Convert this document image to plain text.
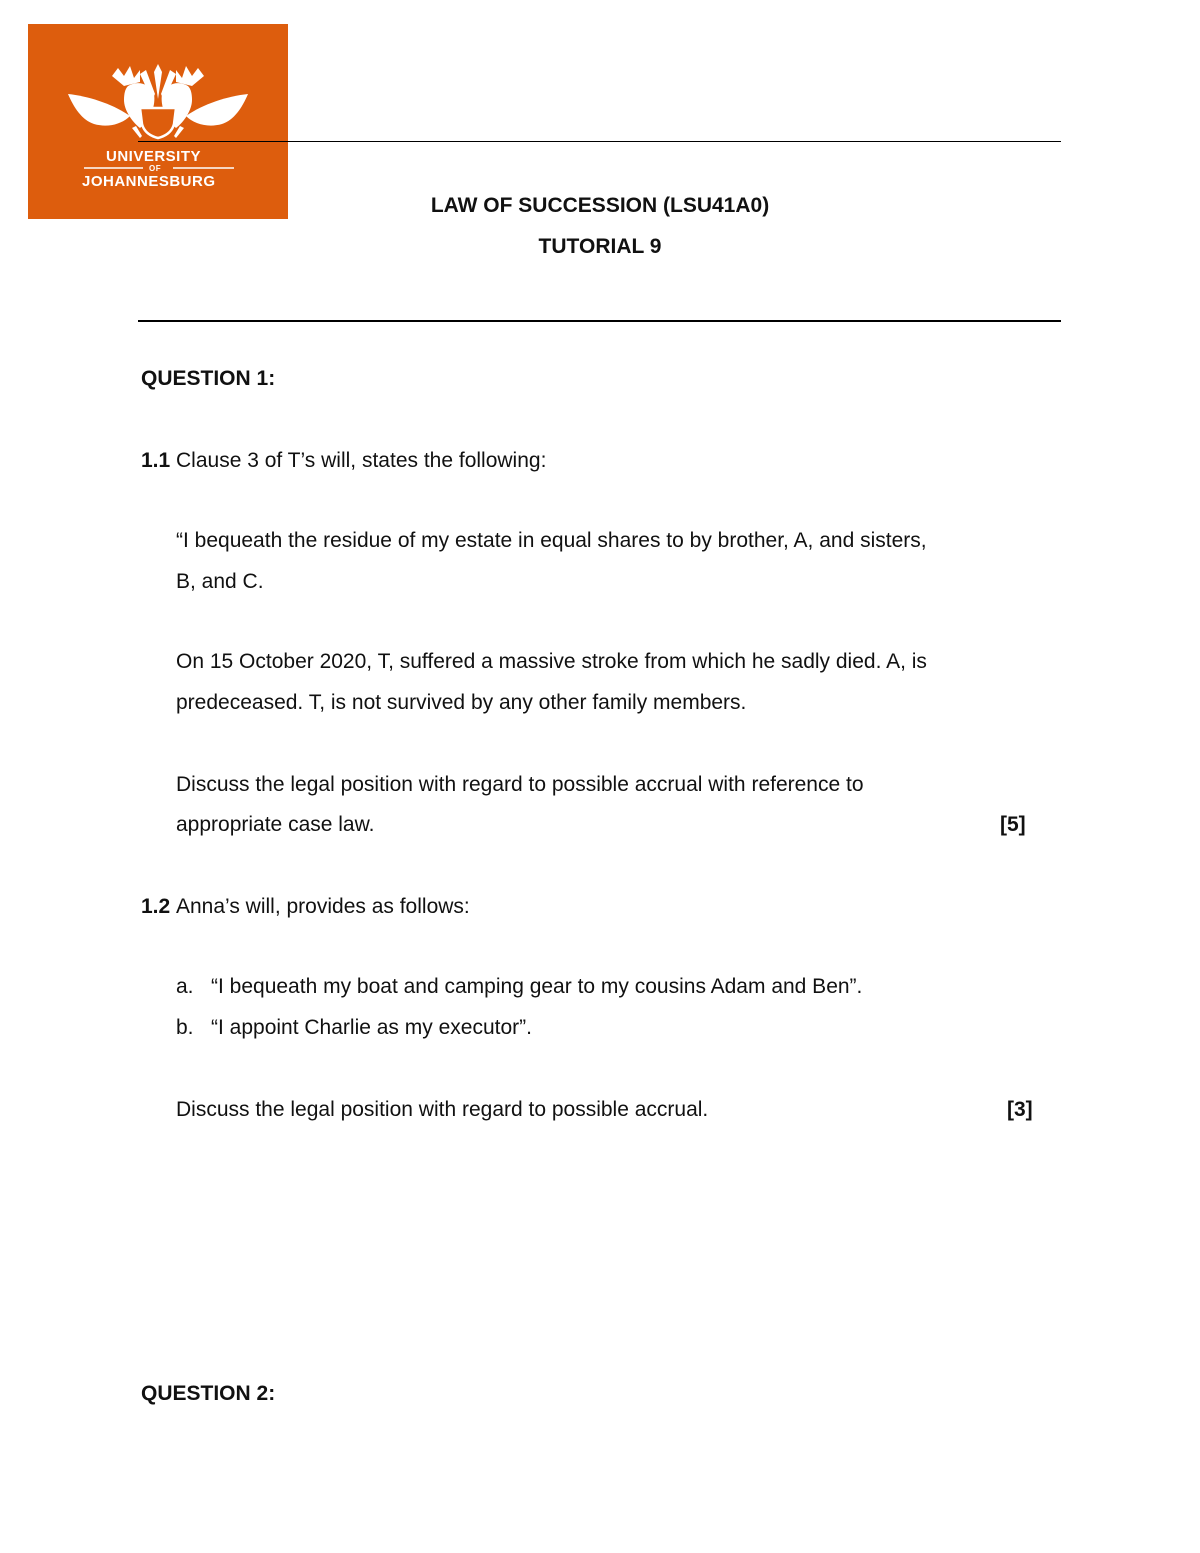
UNIVERSITY
OF
JOHANNESBURG
LAW OF SUCCESSION (LSU41A0)
TUTORIAL 9
QUESTION 1:
1.1 Clause 3 of T’s will, states the following:
“I bequeath the residue of my estate in equal shares to by brother, A, and sisters,
B, and C.
On 15 October 2020, T, suffered a massive stroke from which he sadly died. A, is
predeceased. T, is not survived by any other family members.
Discuss the legal position with regard to possible accrual with reference to
appropriate case law.	[5]
1.2 Anna’s will, provides as follows:
a. “I bequeath my boat and camping gear to my cousins Adam and Ben”.
b. “I appoint Charlie as my executor”.
Discuss the legal position with regard to possible accrual.	[3]
QUESTION 2:
